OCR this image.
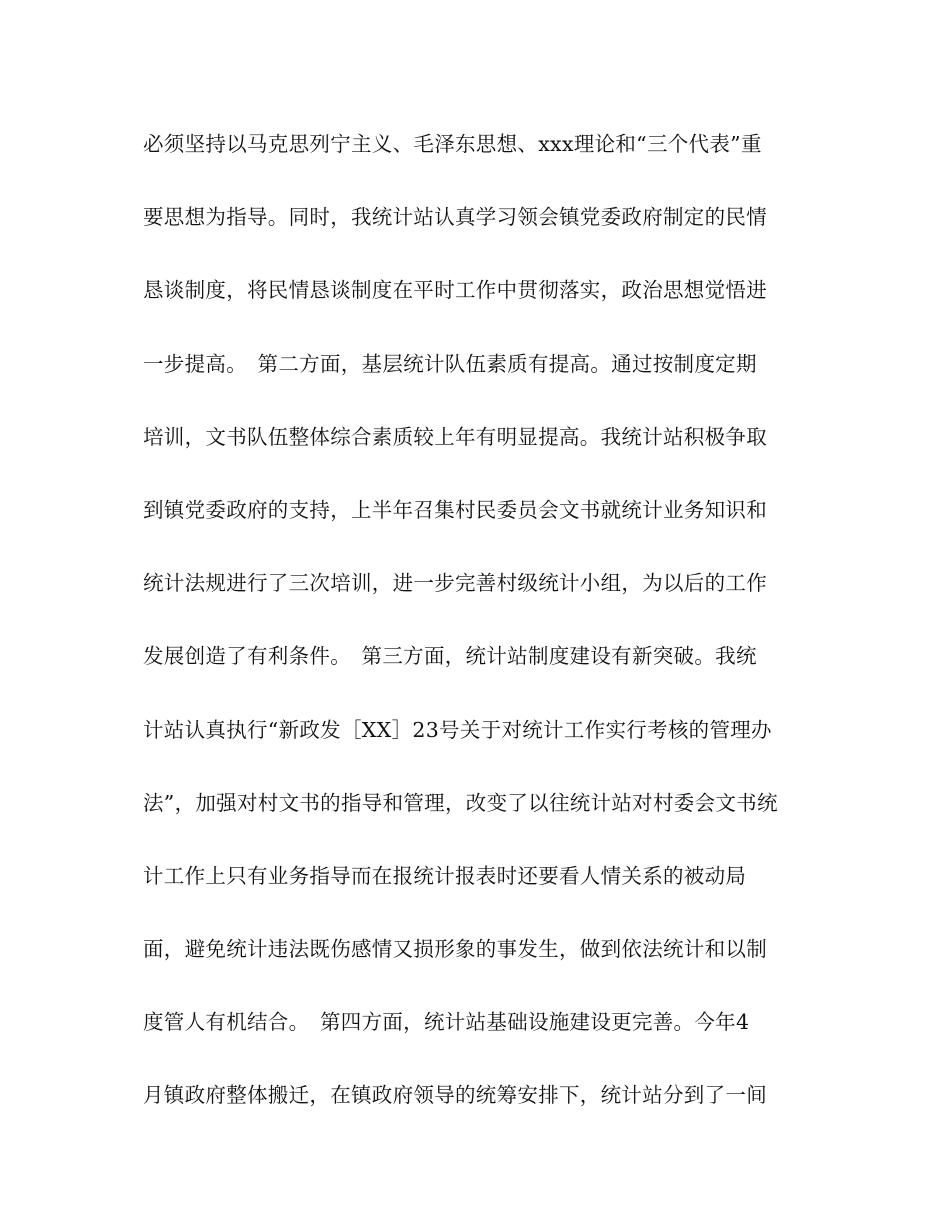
必须坚持以马克思列宁主义、毛泽东思想、xxx理论和“三个代表”重
要思想为指导。同时，我统计站认真学习领会镇党委政府制定的民情
恳谈制度，将民情恳谈制度在平时工作中贯彻落实，政治思想觉悟进
一步提高。　第二方面，基层统计队伍素质有提高。通过按制度定期
培训，文书队伍整体综合素质较上年有明显提高。我统计站积极争取
到镇党委政府的支持，上半年召集村民委员会文书就统计业务知识和
统计法规进行了三次培训，进一步完善村级统计小组，为以后的工作
发展创造了有利条件。　第三方面，统计站制度建设有新突破。我统
计站认真执行“新政发［XX］23号关于对统计工作实行考核的管理办
法”，加强对村文书的指导和管理，改变了以往统计站对村委会文书统
计工作上只有业务指导而在报统计报表时还要看人情关系的被动局
面，避免统计违法既伤感情又损形象的事发生，做到依法统计和以制
度管人有机结合。　第四方面，统计站基础设施建设更完善。今年4
月镇政府整体搬迁，在镇政府领导的统筹安排下，统计站分到了一间
